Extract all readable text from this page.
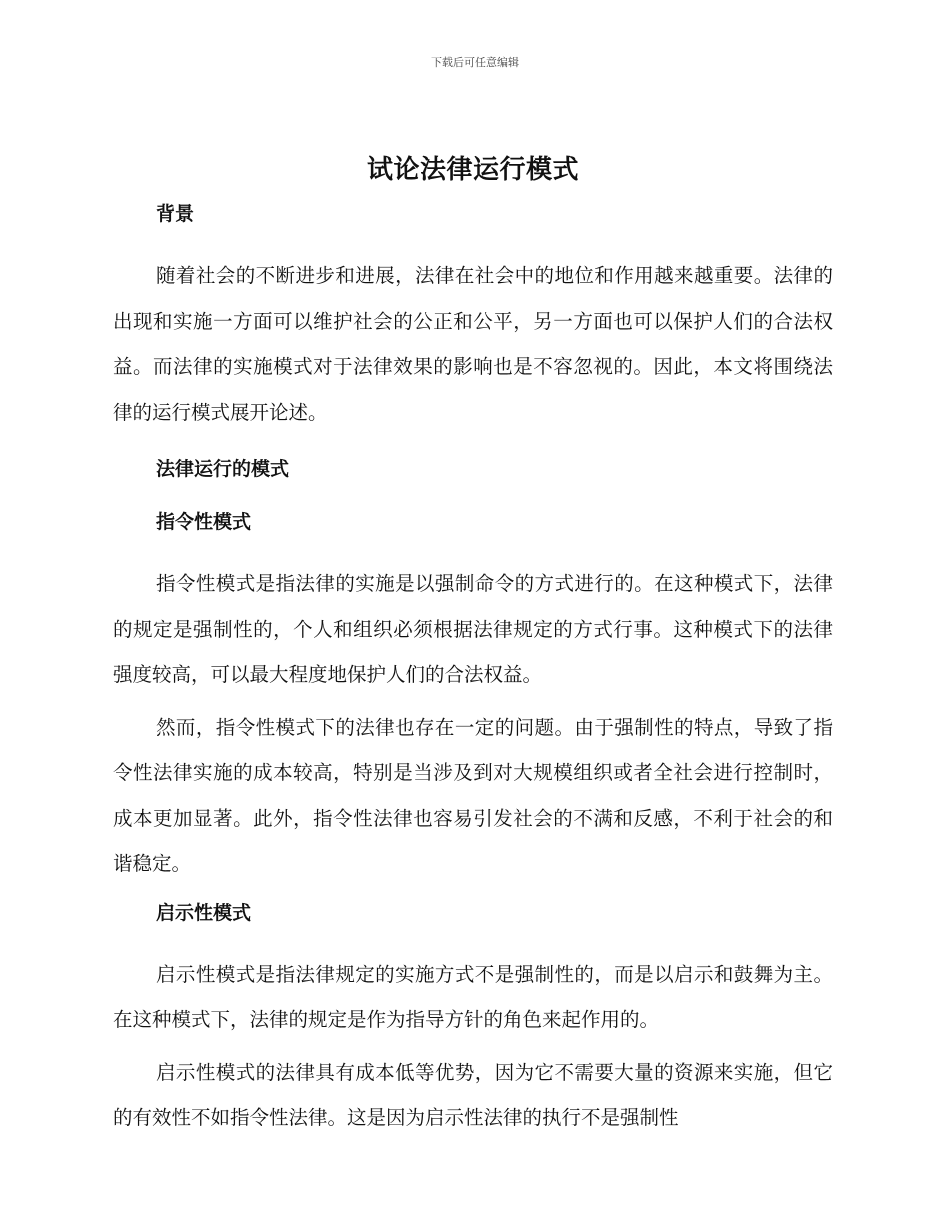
下载后可任意编辑
试论法律运行模式
背景

随着社会的不断进步和进展，法律在社会中的地位和作用越来越重要。法律的出现和实施一方面可以维护社会的公正和公平，另一方面也可以保护人们的合法权益。而法律的实施模式对于法律效果的影响也是不容忽视的。因此，本文将围绕法律的运行模式展开论述。

法律运行的模式
指令性模式

指令性模式是指法律的实施是以强制命令的方式进行的。在这种模式下，法律的规定是强制性的，个人和组织必须根据法律规定的方式行事。这种模式下的法律强度较高，可以最大程度地保护人们的合法权益。

然而，指令性模式下的法律也存在一定的问题。由于强制性的特点，导致了指令性法律实施的成本较高，特别是当涉及到对大规模组织或者全社会进行控制时，成本更加显著。此外，指令性法律也容易引发社会的不满和反感，不利于社会的和谐稳定。

启示性模式

启示性模式是指法律规定的实施方式不是强制性的，而是以启示和鼓舞为主。在这种模式下，法律的规定是作为指导方针的角色来起作用的。

启示性模式的法律具有成本低等优势，因为它不需要大量的资源来实施，但它的有效性不如指令性法律。这是因为启示性法律的执行不是强制性
